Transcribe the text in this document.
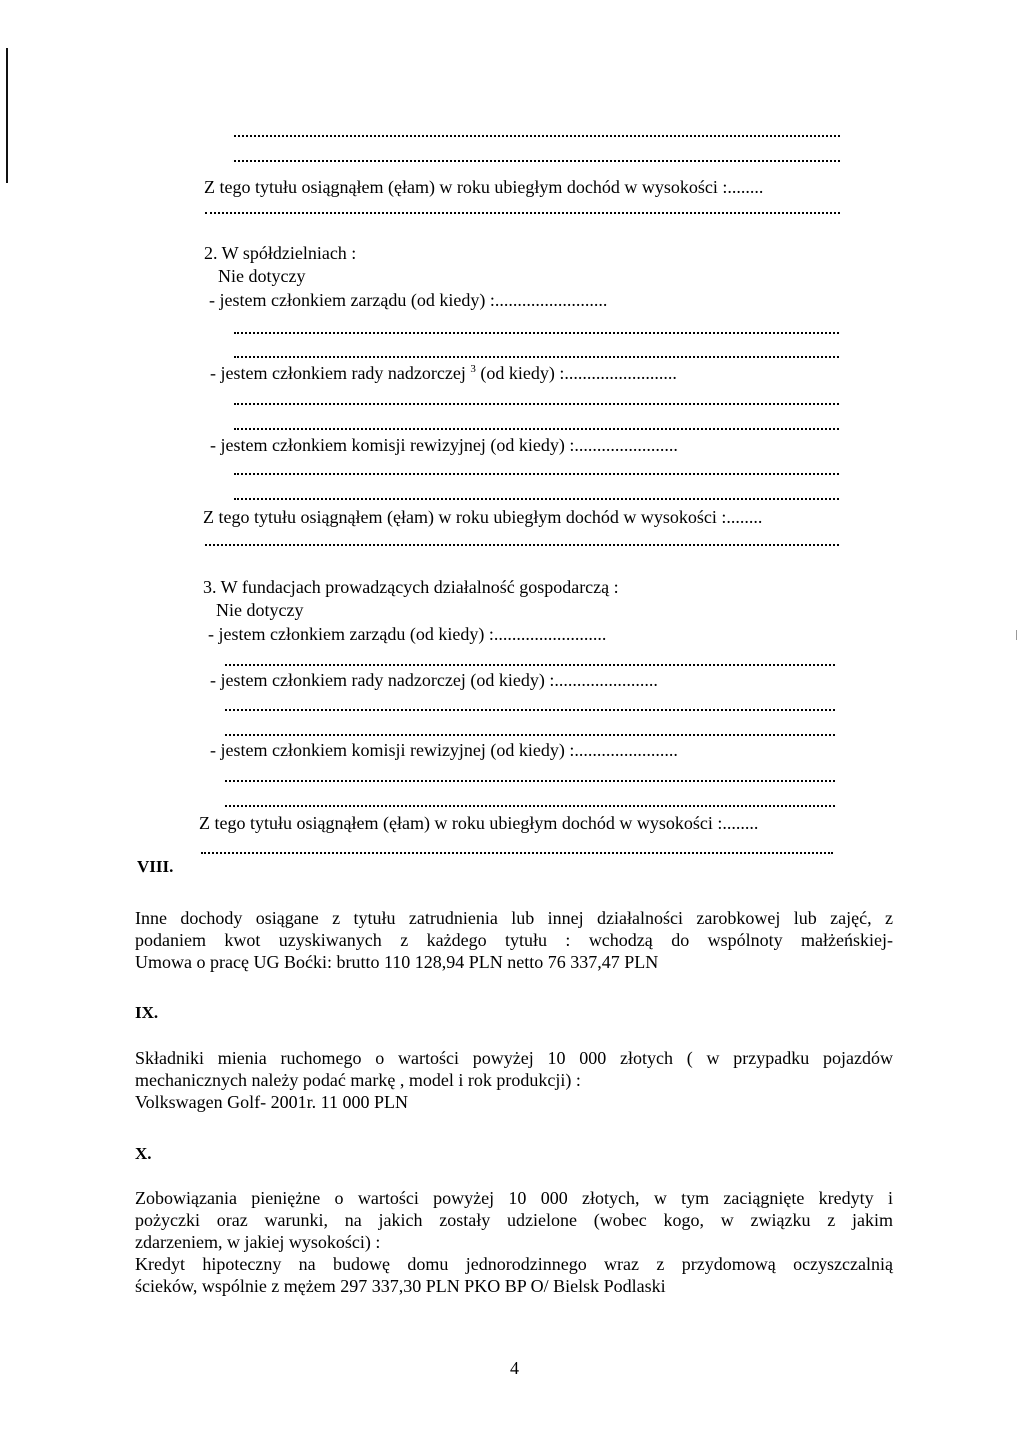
Z tego tytułu osiągnąłem (ęłam) w roku ubiegłym dochód w wysokości :........
2. W spółdzielniach :
Nie dotyczy
- jestem członkiem zarządu (od kiedy) :.........................
- jestem członkiem rady nadzorczej $^3$ (od kiedy) :.........................
- jestem członkiem komisji rewizyjnej (od kiedy) :.......................
Z tego tytułu osiągnąłem (ęłam) w roku ubiegłym dochód w wysokości :........
3. W fundacjach prowadzących działalność gospodarczą :
Nie dotyczy
- jestem członkiem zarządu (od kiedy) :.........................
- jestem członkiem rady nadzorczej (od kiedy) :.......................
- jestem członkiem komisji rewizyjnej (od kiedy) :.......................
Z tego tytułu osiągnąłem (ęłam) w roku ubiegłym dochód w wysokości :........
VIII.
Inne dochody osiągane z tytułu zatrudnienia lub innej działalności zarobkowej lub zajęć, z
podaniem kwot uzyskiwanych z każdego tytułu : wchodzą do wspólnoty małżeńskiej-
Umowa o pracę UG Boćki: brutto 110 128,94 PLN netto 76 337,47 PLN
IX.
Składniki mienia ruchomego o wartości powyżej 10 000 złotych ( w przypadku pojazdów
mechanicznych należy podać markę , model i rok produkcji) :
Volkswagen Golf- 2001r. 11 000 PLN
X.
Zobowiązania pieniężne o wartości powyżej 10 000 złotych, w tym zaciągnięte kredyty i
pożyczki oraz warunki, na jakich zostały udzielone (wobec kogo, w związku z jakim
zdarzeniem, w jakiej wysokości) :
Kredyt hipoteczny na budowę domu jednorodzinnego wraz z przydomową oczyszczalnią
ścieków, wspólnie z mężem 297 337,30 PLN PKO BP O/ Bielsk Podlaski
4
